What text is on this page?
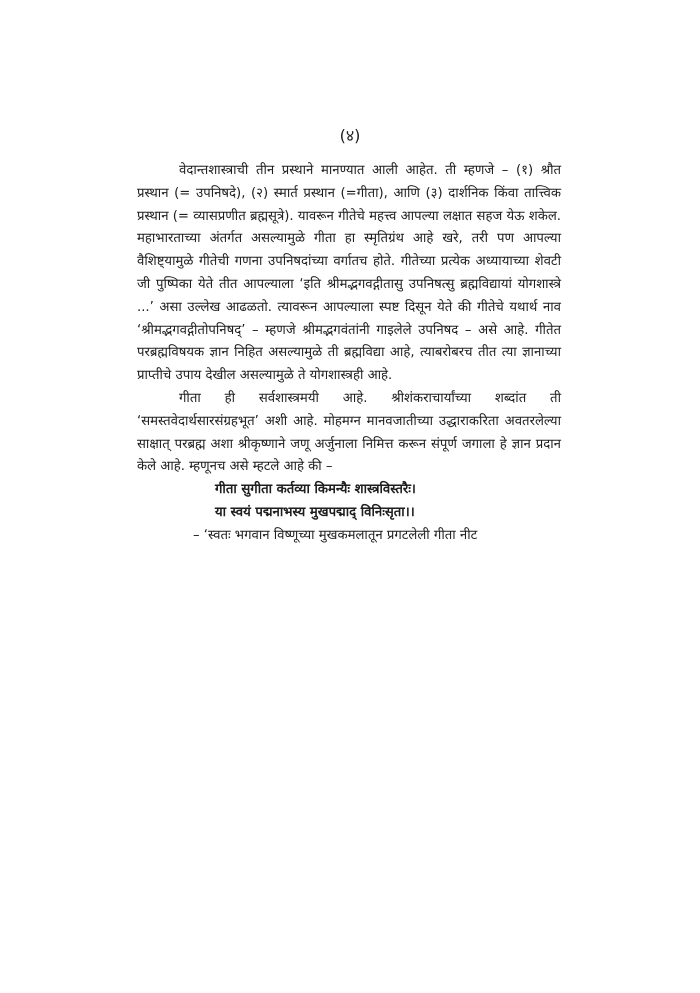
(४)

वेदान्तशास्त्राची तीन प्रस्थाने मानण्यात आली आहेत. ती म्हणजे – (१) श्रौत प्रस्थान (= उपनिषदे), (२) स्मार्त प्रस्थान (=गीता), आणि (३) दार्शनिक किंवा तात्त्विक प्रस्थान (= व्यासप्रणीत ब्रह्मसूत्रे). यावरून गीतेचे महत्त्व आपल्या लक्षात सहज येऊ शकेल. महाभारताच्या अंतर्गत असल्यामुळे गीता हा स्मृतिग्रंथ आहे खरे, तरी पण आपल्या वैशिष्ट्यामुळे गीतेची गणना उपनिषदांच्या वर्गातच होते. गीतेच्या प्रत्येक अध्यायाच्या शेवटी जी पुष्पिका येते तीत आपल्याला ‘इति श्रीमद्भगवद्गीतासु उपनिषत्सु ब्रह्मविद्यायां योगशास्त्रे ...’ असा उल्लेख आढळतो. त्यावरून आपल्याला स्पष्ट दिसून येते की गीतेचे यथार्थ नाव ‘श्रीमद्भगवद्गीतोपनिषद्’ – म्हणजे श्रीमद्भगवंतांनी गाइलेले उपनिषद – असे आहे. गीतेत परब्रह्मविषयक ज्ञान निहित असल्यामुळे ती ब्रह्मविद्या आहे, त्याबरोबरच तीत त्या ज्ञानाच्या प्राप्तीचे उपाय देखील असल्यामुळे ते योगशास्त्रही आहे.

गीता ही सर्वशास्त्रमयी आहे. श्रीशंकराचार्यांच्या शब्दांत ती ‘समस्तवेदार्थसारसंग्रहभूत’ अशी आहे. मोहमग्न मानवजातीच्या उद्धाराकरिता अवतरलेल्या साक्षात् परब्रह्म अशा श्रीकृष्णाने जणू अर्जुनाला निमित्त करून संपूर्ण जगाला हे ज्ञान प्रदान केले आहे. म्हणूनच असे म्हटले आहे की –

गीता सुगीता कर्तव्या किमन्यैः शास्त्रविस्तरैः।

या स्वयं पद्मनाभस्य मुखपद्माद् विनिःसृता।।

– ‘स्वतः भगवान विष्णूच्या मुखकमलातून प्रगटलेली गीता नीट
